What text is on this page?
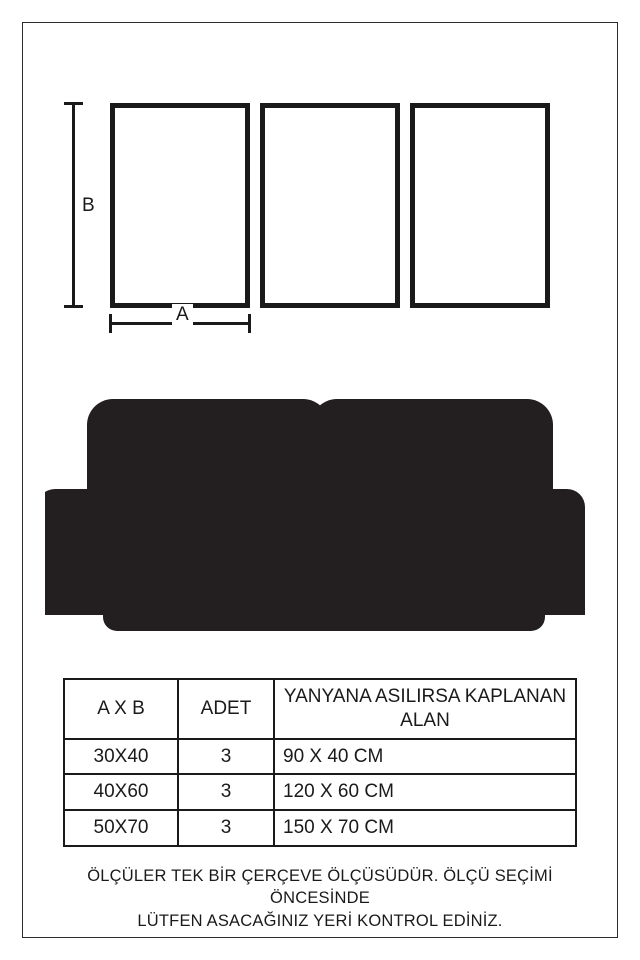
B
A
A X B	ADET	YANYANA ASILIRSA KAPLANAN ALAN
30X40	3	90 X 40 CM
40X60	3	120 X 60 CM
50X70	3	150 X 70 CM
ÖLÇÜLER TEK BİR ÇERÇEVE ÖLÇÜSÜDÜR. ÖLÇÜ SEÇİMİ ÖNCESİNDE
LÜTFEN ASACAĞINIZ YERİ KONTROL EDİNİZ.
